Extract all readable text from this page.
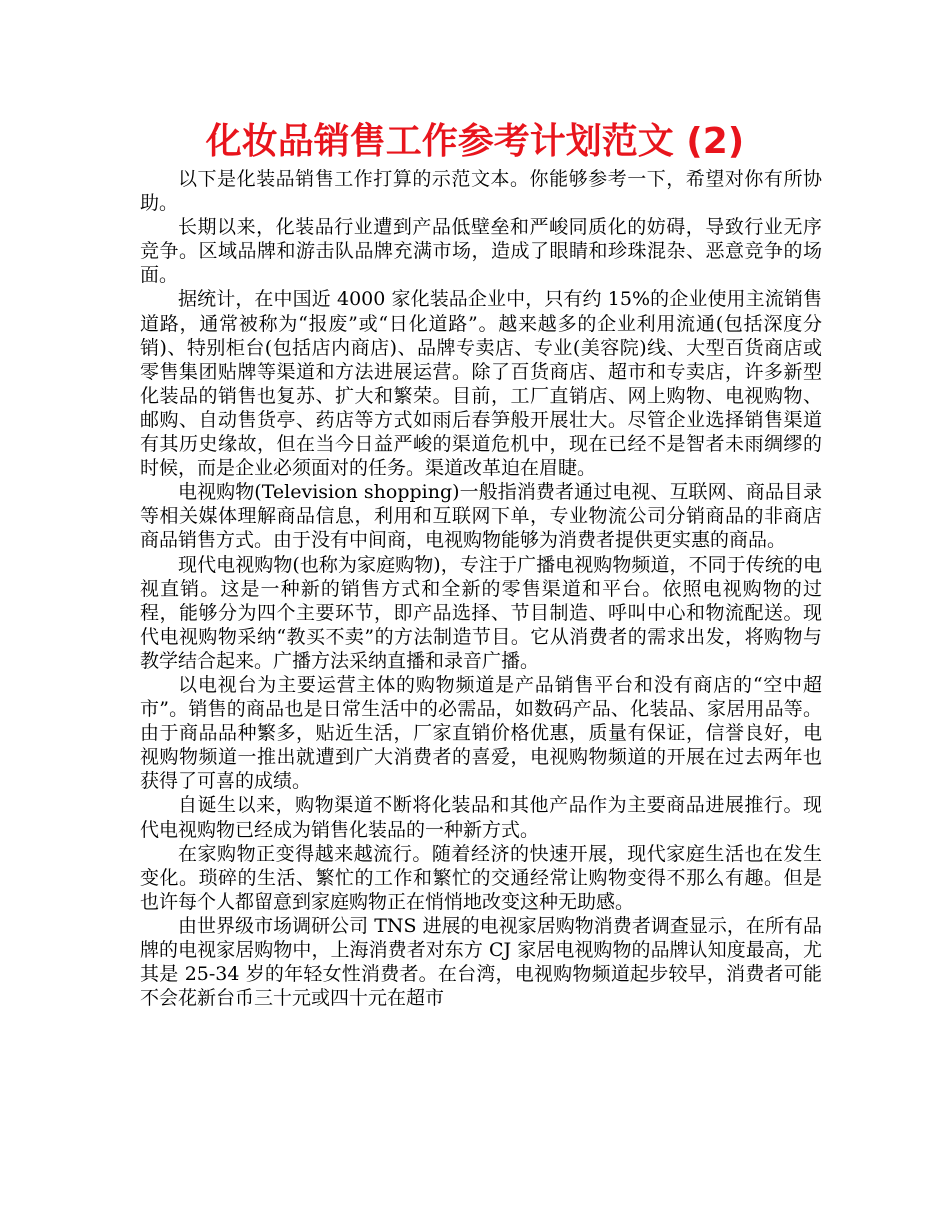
化妆品销售工作参考计划范文 (2)

以下是化装品销售工作打算的示范文本。你能够参考一下，希望对你有所协助。

长期以来，化装品行业遭到产品低壁垒和严峻同质化的妨碍，导致行业无序竞争。区域品牌和游击队品牌充满市场，造成了眼睛和珍珠混杂、恶意竞争的场面。

据统计，在中国近 4000 家化装品企业中，只有约 15%的企业使用主流销售道路，通常被称为“报废”或“日化道路”。越来越多的企业利用流通(包括深度分销)、特别柜台(包括店内商店)、品牌专卖店、专业(美容院)线、大型百货商店或零售集团贴牌等渠道和方法进展运营。除了百货商店、超市和专卖店，许多新型化装品的销售也复苏、扩大和繁荣。目前，工厂直销店、网上购物、电视购物、邮购、自动售货亭、药店等方式如雨后春笋般开展壮大。尽管企业选择销售渠道有其历史缘故，但在当今日益严峻的渠道危机中，现在已经不是智者未雨绸缪的时候，而是企业必须面对的任务。渠道改革迫在眉睫。

电视购物(Television shopping)一般指消费者通过电视、互联网、商品目录等相关媒体理解商品信息，利用和互联网下单，专业物流公司分销商品的非商店商品销售方式。由于没有中间商，电视购物能够为消费者提供更实惠的商品。

现代电视购物(也称为家庭购物)，专注于广播电视购物频道，不同于传统的电视直销。这是一种新的销售方式和全新的零售渠道和平台。依照电视购物的过程，能够分为四个主要环节，即产品选择、节目制造、呼叫中心和物流配送。现代电视购物采纳“教买不卖”的方法制造节目。它从消费者的需求出发，将购物与教学结合起来。广播方法采纳直播和录音广播。

以电视台为主要运营主体的购物频道是产品销售平台和没有商店的“空中超市”。销售的商品也是日常生活中的必需品，如数码产品、化装品、家居用品等。由于商品品种繁多，贴近生活，厂家直销价格优惠，质量有保证，信誉良好，电视购物频道一推出就遭到广大消费者的喜爱，电视购物频道的开展在过去两年也获得了可喜的成绩。

自诞生以来，购物渠道不断将化装品和其他产品作为主要商品进展推行。现代电视购物已经成为销售化装品的一种新方式。

在家购物正变得越来越流行。随着经济的快速开展，现代家庭生活也在发生变化。琐碎的生活、繁忙的工作和繁忙的交通经常让购物变得不那么有趣。但是也许每个人都留意到家庭购物正在悄悄地改变这种无助感。

由世界级市场调研公司 TNS 进展的电视家居购物消费者调查显示，在所有品牌的电视家居购物中，上海消费者对东方 CJ 家居电视购物的品牌认知度最高，尤其是 25-34 岁的年轻女性消费者。在台湾，电视购物频道起步较早，消费者可能不会花新台币三十元或四十元在超市
